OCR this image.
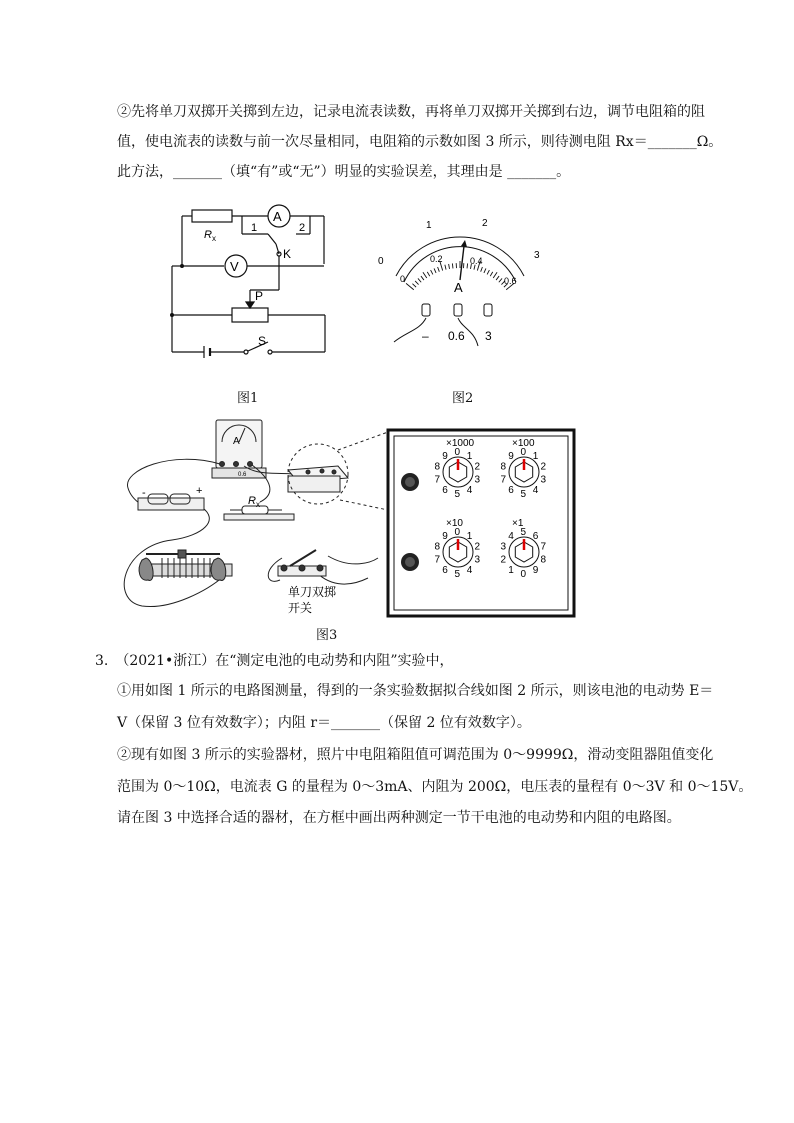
②先将单刀双掷开关掷到左边，记录电流表读数，再将单刀双掷开关掷到右边，调节电阻箱的阻
值，使电流表的读数与前一次尽量相同，电阻箱的示数如图 3 所示，则待测电阻 Rx＝_______Ω。
此方法，_______（填“有”或“无”）明显的实验误差，其理由是 _______。
A
V
R x
1	2
K
P
S
图1
0
1	2
3
0
0.2	0.4
0.6
A
– 0.6 3
图2
A
0.6
-	+
R x
单刀双掷
开关
×1000
0 1
2
3
4
5
6
7
8
9
×100
0 1
2
3
4
5
6
7
8
9
×10
0 1
2
3
4
5
6
7
8
9
×1
5 6
7
8
9
0
1
2
3
4
图3
3.　（2021•浙江）在“测定电池的电动势和内阻”实验中，
①用如图 1 所示的电路图测量，得到的一条实验数据拟合线如图 2 所示，则该电池的电动势 E＝
V（保留 3 位有效数字）；内阻 r＝_______（保留 2 位有效数字）。
②现有如图 3 所示的实验器材，照片中电阻箱阻值可调范围为 0～9999Ω，滑动变阻器阻值变化
范围为 0～10Ω，电流表 G 的量程为 0～3mA、内阻为 200Ω，电压表的量程有 0～3V 和 0～15V。
请在图 3 中选择合适的器材，在方框中画出两种测定一节干电池的电动势和内阻的电路图。
